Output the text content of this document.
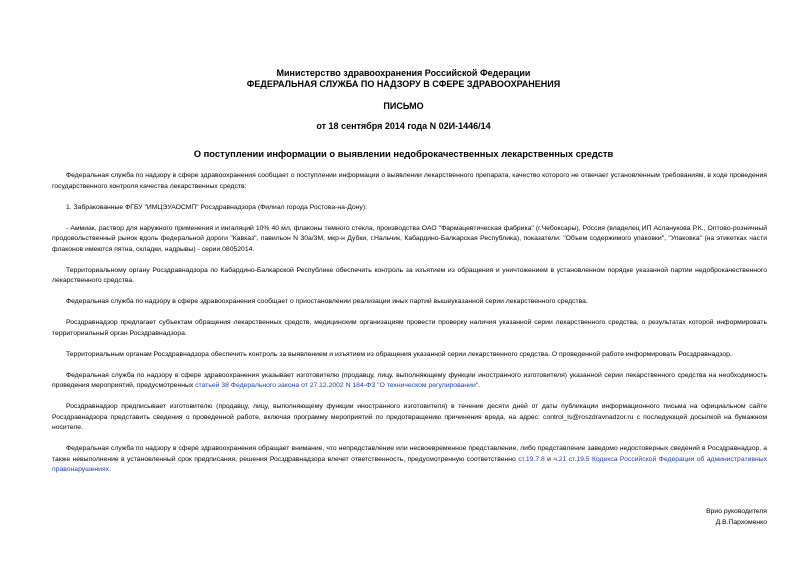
Министерство здравоохранения Российской Федерации
ФЕДЕРАЛЬНАЯ СЛУЖБА ПО НАДЗОРУ В СФЕРЕ ЗДРАВООХРАНЕНИЯ
ПИСЬМО
от 18 сентября 2014 года N 02И-1446/14
О поступлении информации о выявлении недоброкачественных лекарственных средств

Федеральная служба по надзору в сфере здравоохранения сообщает о поступлении информации о выявлении лекарственного препарата, качество которого не отвечает установленным требованиям, в ходе проведения государственного контроля качества лекарственных средств:

1. Забракованные ФГБУ "ИМЦЭУАОСМП" Росздравнадзора (Филиал города Ростова-на-Дону):

- Аммиак, раствор для наружного применения и ингаляций 10% 40 мл, флаконы темного стекла, производства ОАО "Фармацевтическая фабрика" (г.Чебоксары), Россия (владелец ИП Асланукова Р.К., Оптово-розничный продовольственный рынок вдоль федеральной дороги "Кавказ", павильон N 30а/3М, мкр-н Дубки, г.Нальчик, Кабардино-Балкарская Республика), показатели: "Объем содержимого упаковки", "Упаковка" (на этикетках части флаконов имеются пятна, складки, надрывы) - серии 08052014.

Территориальному органу Росздравнадзора по Кабардино-Балкарской Республике обеспечить контроль за изъятием из обращения и уничтожением в установленном порядке указанной партии недоброкачественного лекарственного средства.

Федеральная служба по надзору в сфере здравоохранения сообщает о приостановлении реализации иных партий вышеуказанной серии лекарственного средства.

Росздравнадзор предлагает субъектам обращения лекарственных средств, медицинским организациям провести проверку наличия указанной серии лекарственного средства, о результатах которой информировать территориальный орган Росздравнадзора.

Территориальным органам Росздравнадзора обеспечить контроль за выявлением и изъятием из обращения указанной серии лекарственного средства. О проведенной работе информировать Росздравнадзор.

Федеральная служба по надзору в сфере здравоохранения указывает изготовителю (продавцу, лицу, выполняющему функции иностранного изготовителя) указанной серии лекарственного средства на необходимость проведения мероприятий, предусмотренных статьей 38 Федерального закона от 27.12.2002 N 184-ФЗ "О техническом регулировании".

Росздравнадзор предписывает изготовителю (продавцу, лицу, выполняющему функции иностранного изготовителя) в течение десяти дней от даты публикации информационного письма на официальном сайте Росздравнадзора представить сведения о проведенной работе, включая программу мероприятий по предотвращению причинения вреда, на адрес: control_ls@roszdravnadzor.ru с последующей досылкой на бумажном носителе.

Федеральная служба по надзору в сфере здравоохранения обращает внимание, что непредставление или несвоевременное представление, либо представление заведомо недостоверных сведений в Росздравнадзор, а также невыполнение в установленный срок предписания, решения Росздравнадзора влечет ответственность, предусмотренную соответственно ст.19.7.8 и ч.21 ст.19.5 Кодекса Российской Федерации об административных правонарушениях.

Врио руководителя
Д.В.Пархоменко
